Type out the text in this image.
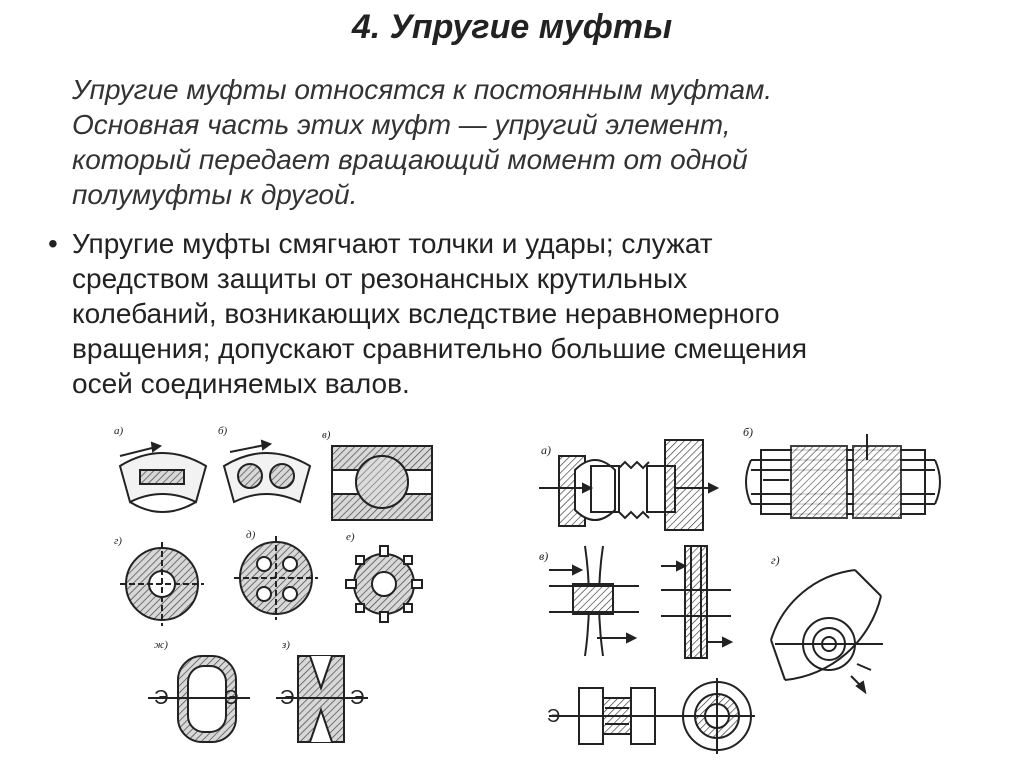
4. Упругие муфты
Упругие муфты относятся к постоянным муфтам.
Основная часть этих муфт — упругий элемент,
который передает вращающий момент от одной
полумуфты к другой.
• Упругие муфты смягчают толчки и удары; служат
средством защиты от резонансных крутильных
колебаний, возникающих вследствие неравномерного
вращения; допускают сравнительно большие смещения
осей соединяемых валов.
а)	б)	в)
г)	д)	е)
ж)	з)
Э	Э Э	Э
а)
б)
в)	г)
Э
